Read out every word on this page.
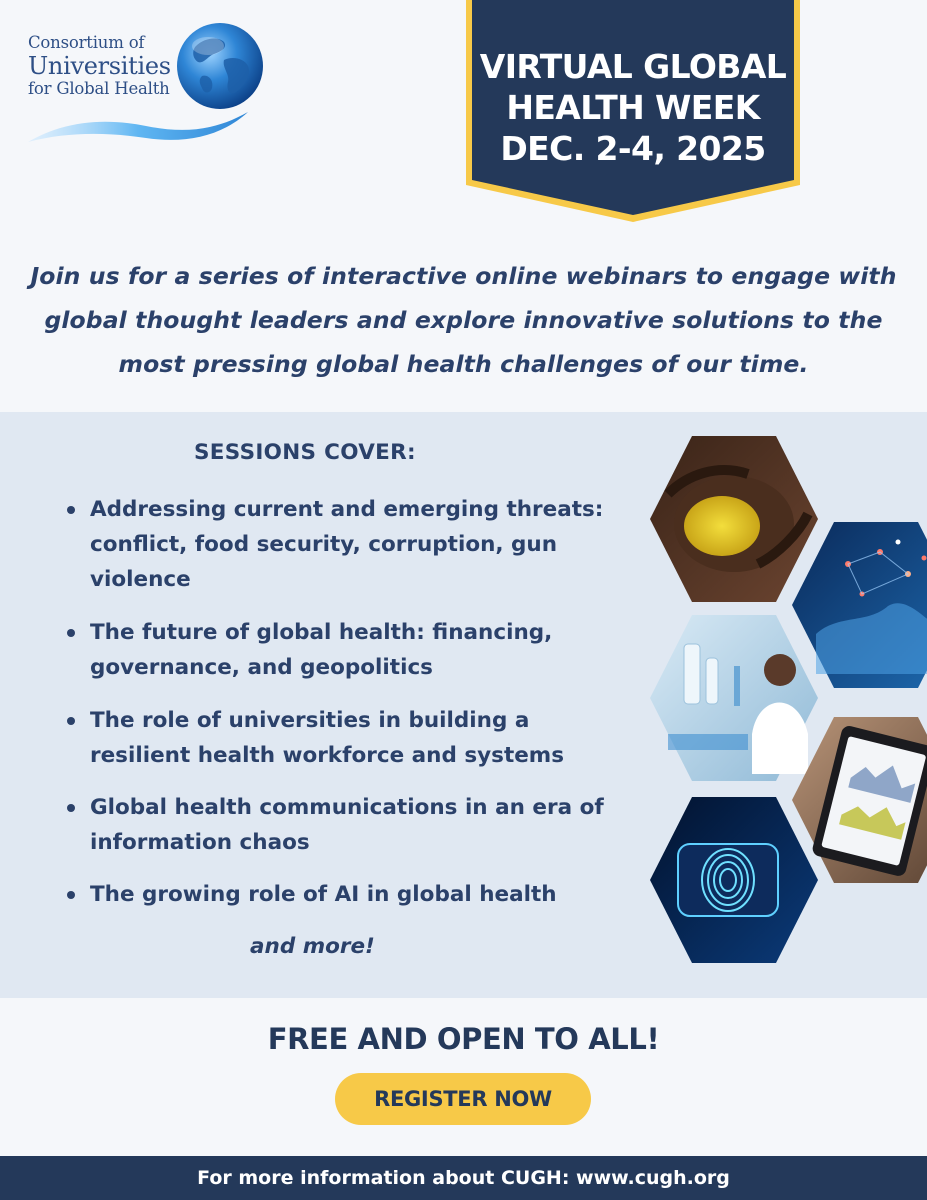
Consortium of
Universities
for Global Health
VIRTUAL GLOBAL
HEALTH WEEK
DEC. 2-4, 2025
Join us for a series of interactive online webinars to engage with global thought leaders and explore innovative solutions to the most pressing global health challenges of our time.
SESSIONS COVER:
Addressing current and emerging threats: conflict, food security, corruption, gun violence
The future of global health: financing, governance, and geopolitics
The role of universities in building a resilient health workforce and systems
Global health communications in an era of information chaos
The growing role of AI in global health
and more!
FREE AND OPEN TO ALL!
REGISTER NOW
For more information about CUGH: www.cugh.org
